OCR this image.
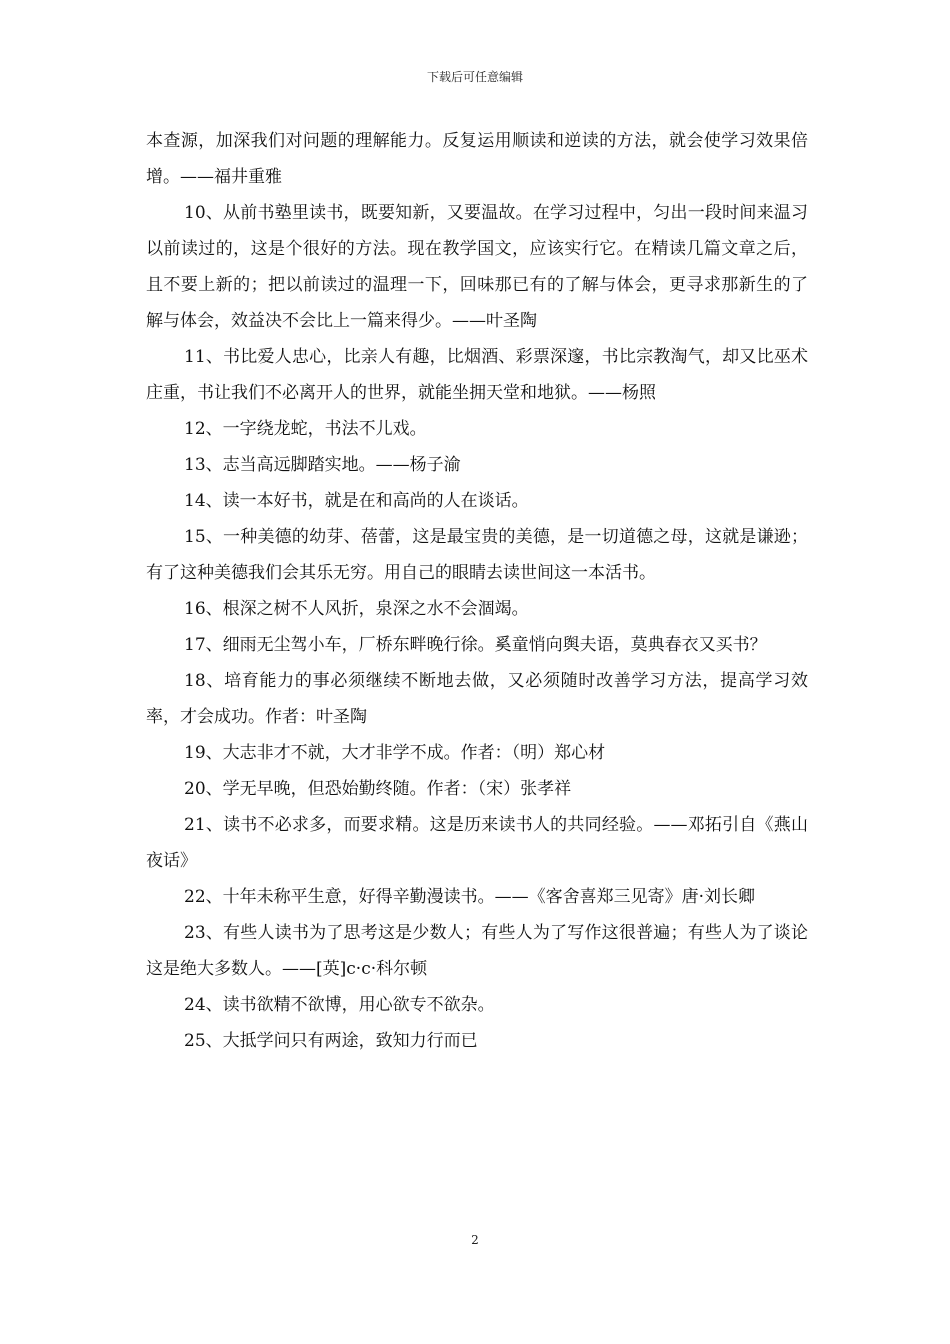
下载后可任意编辑

本查源，加深我们对问题的理解能力。反复运用顺读和逆读的方法，就会使学习效果倍增。——福井重雅

10、从前书塾里读书，既要知新，又要温故。在学习过程中，匀出一段时间来温习以前读过的，这是个很好的方法。现在教学国文，应该实行它。在精读几篇文章之后，且不要上新的；把以前读过的温理一下，回味那已有的了解与体会，更寻求那新生的了解与体会，效益决不会比上一篇来得少。——叶圣陶

11、书比爱人忠心，比亲人有趣，比烟酒、彩票深邃，书比宗教淘气，却又比巫术庄重，书让我们不必离开人的世界，就能坐拥天堂和地狱。——杨照

12、一字绕龙蛇，书法不儿戏。

13、志当高远脚踏实地。——杨子渝

14、读一本好书，就是在和高尚的人在谈话。

15、一种美德的幼芽、蓓蕾，这是最宝贵的美德，是一切道德之母，这就是谦逊；有了这种美德我们会其乐无穷。用自己的眼睛去读世间这一本活书。

16、根深之树不人风折，泉深之水不会涸竭。

17、细雨无尘驾小车，厂桥东畔晚行徐。奚童悄向舆夫语，莫典春衣又买书？

18、培育能力的事必须继续不断地去做，又必须随时改善学习方法，提高学习效率，才会成功。作者：叶圣陶

19、大志非才不就，大才非学不成。作者：（明）郑心材

20、学无早晚，但恐始勤终随。作者：（宋）张孝祥

21、读书不必求多，而要求精。这是历来读书人的共同经验。——邓拓引自《燕山夜话》

22、十年未称平生意，好得辛勤漫读书。——《客舍喜郑三见寄》唐·刘长卿

23、有些人读书为了思考这是少数人；有些人为了写作这很普遍；有些人为了谈论这是绝大多数人。——[英]c·c·科尔顿

24、读书欲精不欲博，用心欲专不欲杂。

25、大抵学问只有两途，致知力行而已

2
